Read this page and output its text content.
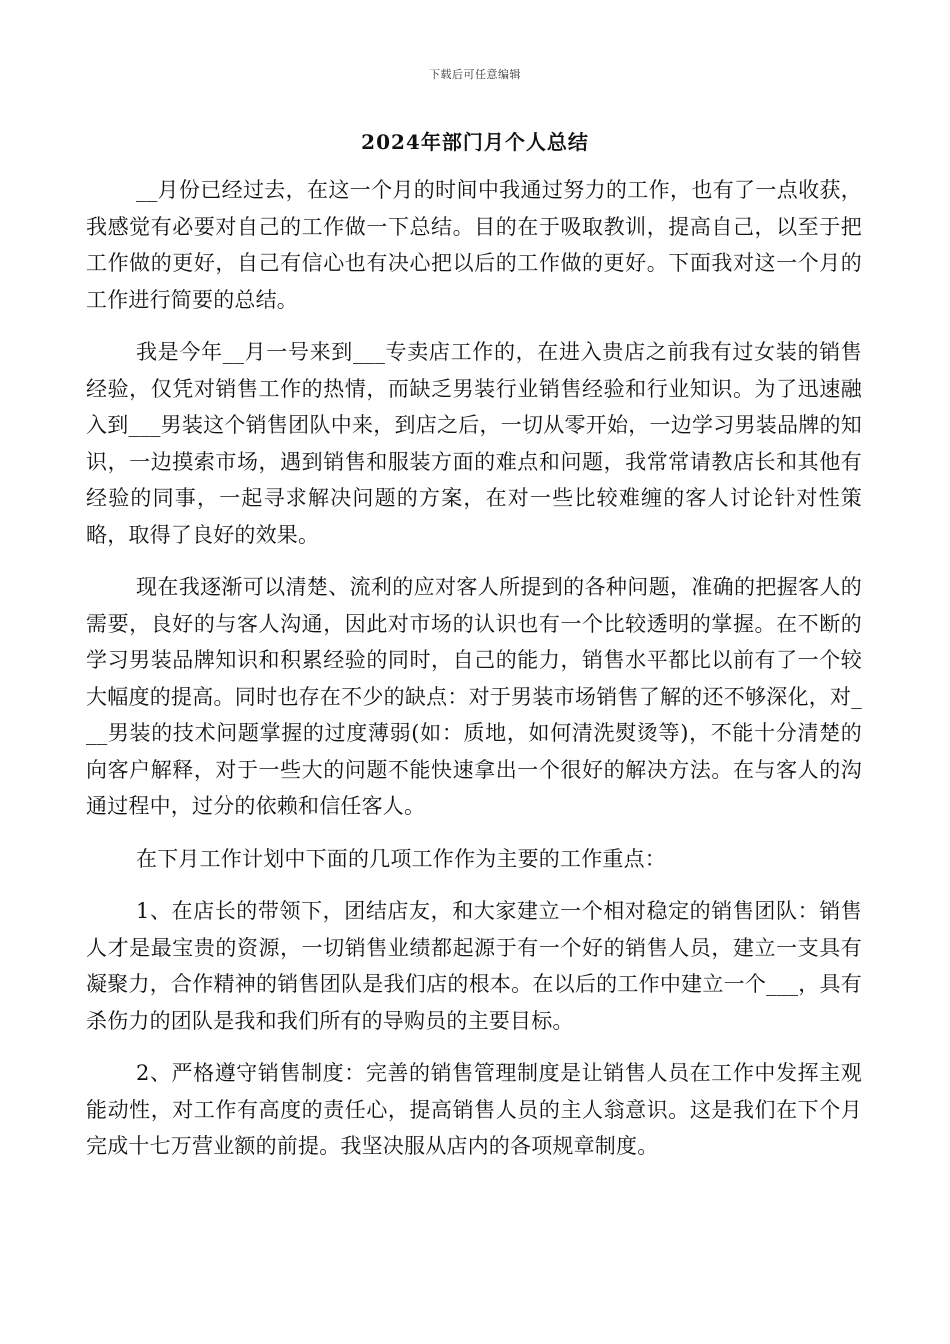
下载后可任意编辑
2024年部门月个人总结

__月份已经过去，在这一个月的时间中我通过努力的工作，也有了一点收获，我感觉有必要对自己的工作做一下总结。目的在于吸取教训，提高自己，以至于把工作做的更好，自己有信心也有决心把以后的工作做的更好。下面我对这一个月的工作进行简要的总结。

我是今年__月一号来到___专卖店工作的，在进入贵店之前我有过女装的销售经验，仅凭对销售工作的热情，而缺乏男装行业销售经验和行业知识。为了迅速融入到___男装这个销售团队中来，到店之后，一切从零开始，一边学习男装品牌的知识，一边摸索市场，遇到销售和服装方面的难点和问题，我常常请教店长和其他有经验的同事，一起寻求解决问题的方案，在对一些比较难缠的客人讨论针对性策略，取得了良好的效果。

现在我逐渐可以清楚、流利的应对客人所提到的各种问题，准确的把握客人的需要，良好的与客人沟通，因此对市场的认识也有一个比较透明的掌握。在不断的学习男装品牌知识和积累经验的同时，自己的能力，销售水平都比以前有了一个较大幅度的提高。同时也存在不少的缺点：对于男装市场销售了解的还不够深化，对___男装的技术问题掌握的过度薄弱(如：质地，如何清洗熨烫等)，不能十分清楚的向客户解释，对于一些大的问题不能快速拿出一个很好的解决方法。在与客人的沟通过程中，过分的依赖和信任客人。

在下月工作计划中下面的几项工作作为主要的工作重点：

1、在店长的带领下，团结店友，和大家建立一个相对稳定的销售团队：销售人才是最宝贵的资源，一切销售业绩都起源于有一个好的销售人员，建立一支具有凝聚力，合作精神的销售团队是我们店的根本。在以后的工作中建立一个___，具有杀伤力的团队是我和我们所有的导购员的主要目标。

2、严格遵守销售制度：完善的销售管理制度是让销售人员在工作中发挥主观能动性，对工作有高度的责任心，提高销售人员的主人翁意识。这是我们在下个月完成十七万营业额的前提。我坚决服从店内的各项规章制度。
